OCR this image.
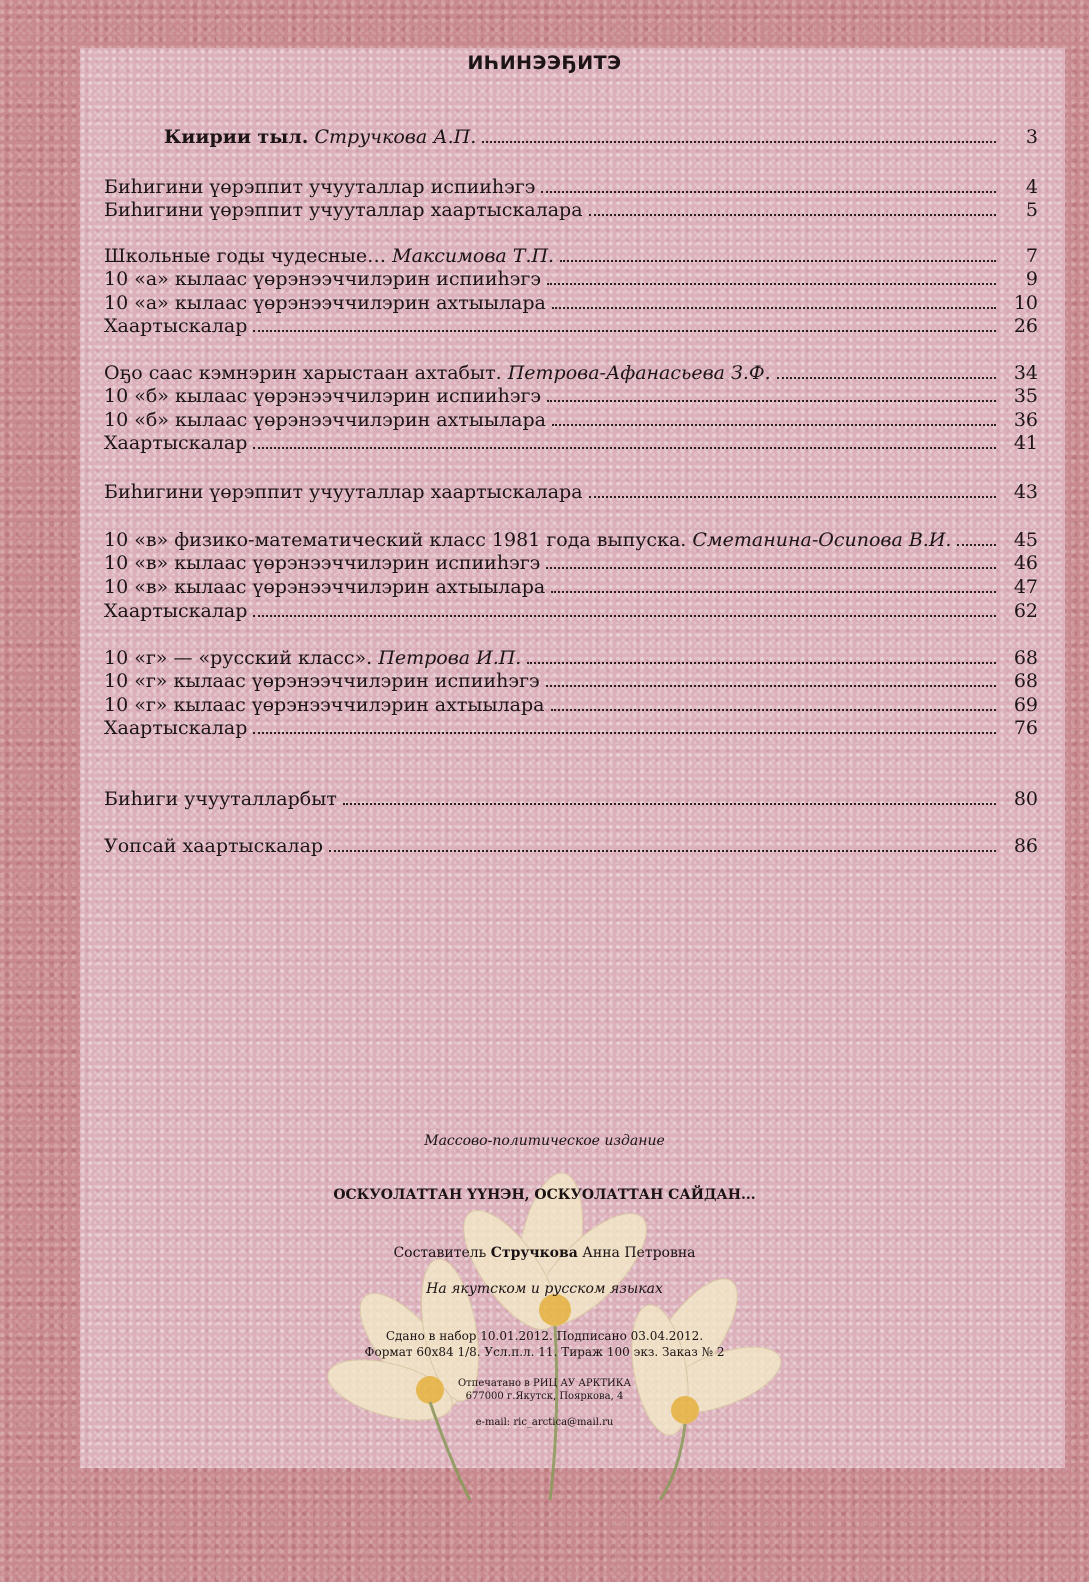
ИҺИНЭЭҔИТЭ
Киирии тыл. Стручкова А.П.	3
Биһигини үөрэппит учууталлар испииһэгэ	4
Биһигини үөрэппит учууталлар хаартыскалара	5
Школьные годы чудесные… Максимова Т.П.	7
10 «а» кылаас үөрэнээччилэрин испииһэгэ	9
10 «а» кылаас үөрэнээччилэрин ахтыылара	10
Хаартыскалар	26
Оҕо саас кэмнэрин харыстаан ахтабыт. Петрова-Афанасьева З.Ф.	34
10 «б» кылаас үөрэнээччилэрин испииһэгэ	35
10 «б» кылаас үөрэнээччилэрин ахтыылара	36
Хаартыскалар	41
Биһигини үөрэппит учууталлар хаартыскалара	43
10 «в» физико-математический класс 1981 года выпуска. Сметанина-Осипова В.И.	45
10 «в» кылаас үөрэнээччилэрин испииһэгэ	46
10 «в» кылаас үөрэнээччилэрин ахтыылара	47
Хаартыскалар	62
10 «г» — «русский класс». Петрова И.П.	68
10 «г» кылаас үөрэнээччилэрин испииһэгэ	68
10 «г» кылаас үөрэнээччилэрин ахтыылара	69
Хаартыскалар	76
Биһиги учууталларбыт	80
Уопсай хаартыскалар	86
Массово-политическое издание
ОСКУОЛАТТАН ҮҮНЭН, ОСКУОЛАТТАН САЙДАН...
Составитель Стручкова Анна Петровна
На якутском и русском языках
Сдано в набор 10.01.2012. Подписано 03.04.2012.
Формат 60x84 1/8. Усл.п.л. 11. Тираж 100 экз. Заказ № 2
Отпечатано в РИЦ АУ АРКТИКА
677000 г.Якутск, Пояркова, 4
e-mail: ric_arctica@mail.ru
